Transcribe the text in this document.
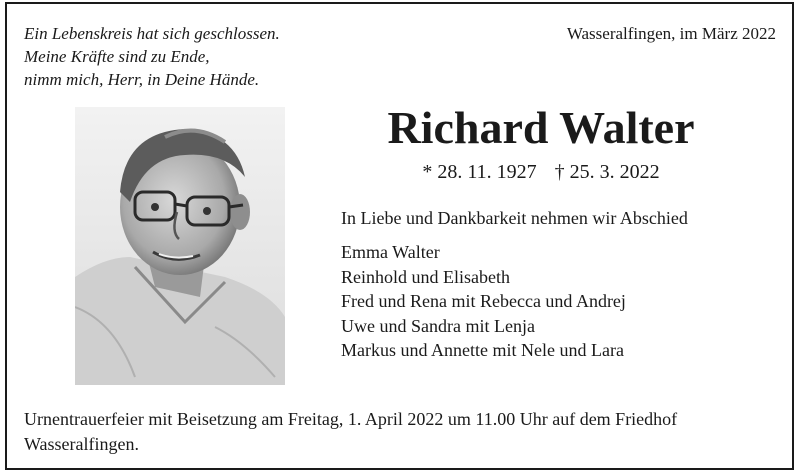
Ein Lebenskreis hat sich geschlossen.
Meine Kräfte sind zu Ende,
nimm mich, Herr, in Deine Hände.
Wasseralfingen, im März 2022
Richard Walter
* 28. 11. 1927 † 25. 3. 2022
In Liebe und Dankbarkeit nehmen wir Abschied
Emma Walter
Reinhold und Elisabeth
Fred und Rena mit Rebecca und Andrej
Uwe und Sandra mit Lenja
Markus und Annette mit Nele und Lara
Urnentrauerfeier mit Beisetzung am Freitag, 1. April 2022 um 11.00 Uhr auf dem Friedhof Wasseralfingen.
